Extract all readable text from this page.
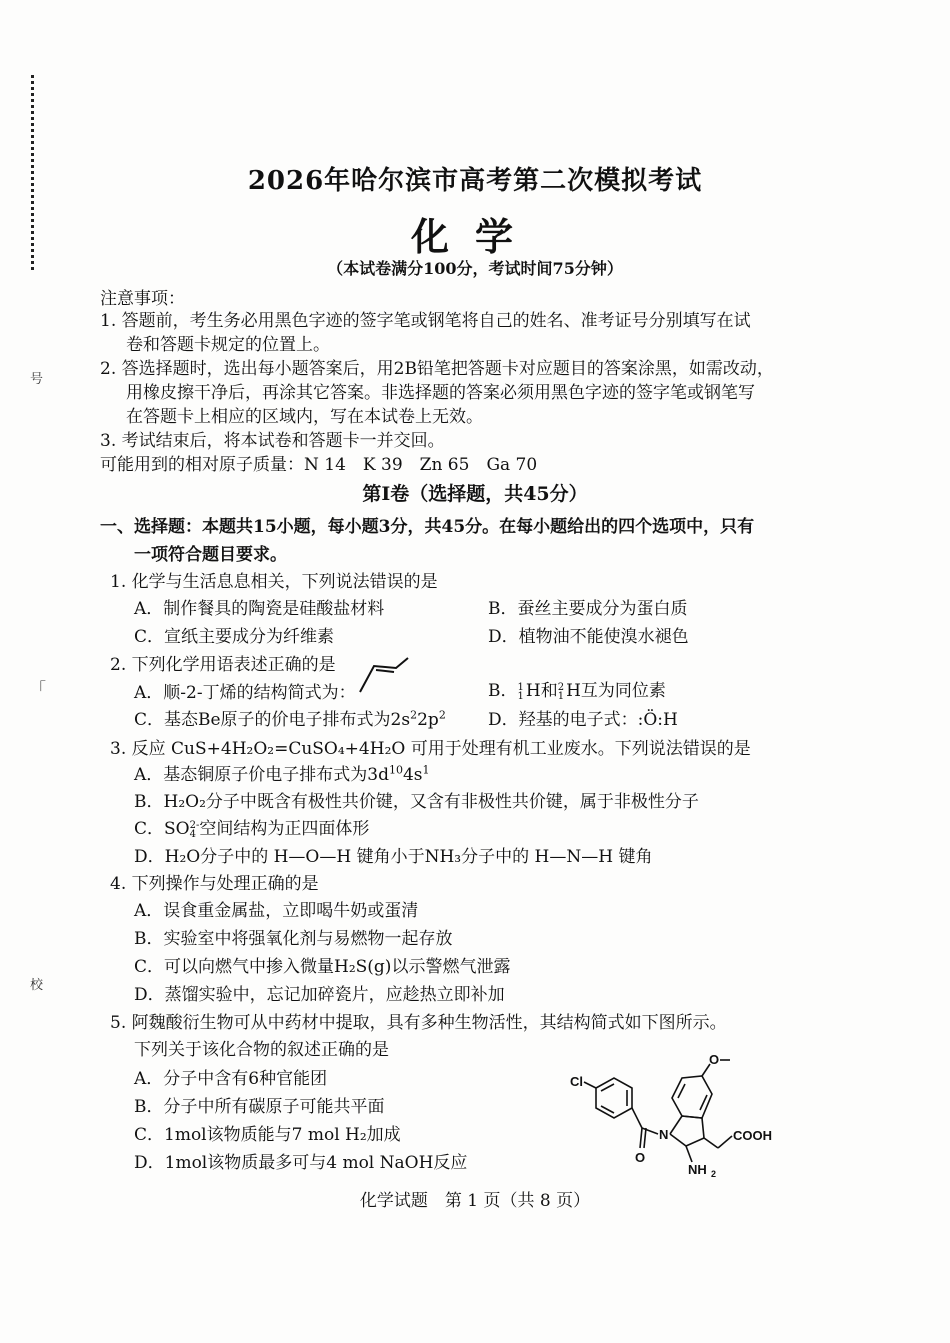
号
「
校
2026年哈尔滨市高考第二次模拟考试
化学
（本试卷满分100分，考试时间75分钟）
注意事项：
1. 答题前，考生务必用黑色字迹的签字笔或钢笔将自己的姓名、准考证号分别填写在试
卷和答题卡规定的位置上。
2. 答选择题时，选出每小题答案后，用2B铅笔把答题卡对应题目的答案涂黑，如需改动，
用橡皮擦干净后，再涂其它答案。非选择题的答案必须用黑色字迹的签字笔或钢笔写
在答题卡上相应的区域内，写在本试卷上无效。
3. 考试结束后，将本试卷和答题卡一并交回。
可能用到的相对原子质量：N 14　K 39　Zn 65　Ga 70
第Ⅰ卷（选择题，共45分）
一、选择题：本题共15小题，每小题3分，共45分。在每小题给出的四个选项中，只有
一项符合题目要求。
1. 化学与生活息息相关，下列说法错误的是
A．制作餐具的陶瓷是硅酸盐材料	B．蚕丝主要成分为蛋白质
C．宣纸主要成分为纤维素	D．植物油不能使溴水褪色
2. 下列化学用语表述正确的是
A．顺-2-丁烯的结构简式为：	B．1
1 H和2
1 H互为同位素
C．基态Be原子的价电子排布式为$2s^22p^2$ D．羟基的电子式：:Ö:H
3. 反应 CuS+4H₂O₂=CuSO₄+4H₂O 可用于处理有机工业废水。下列说法错误的是
A．基态铜原子价电子排布式为$3d^{10}4s^1$
B．H₂O₂分子中既含有极性共价键，又含有非极性共价键，属于非极性分子
C．SO2-
4 空间结构为正四面体形
D．H₂O分子中的 H—O—H 键角小于NH₃分子中的 H—N—H 键角
4. 下列操作与处理正确的是
A．误食重金属盐，立即喝牛奶或蛋清
B．实验室中将强氧化剂与易燃物一起存放
C．可以向燃气中掺入微量H₂S(g)以示警燃气泄露
D．蒸馏实验中，忘记加碎瓷片，应趁热立即补加
5. 阿魏酸衍生物可从中药材中提取，具有多种生物活性，其结构简式如下图所示。
下列关于该化合物的叙述正确的是
A．分子中含有6种官能团
B．分子中所有碳原子可能共平面
C．1mol该物质能与7 mol H₂加成
D．1mol该物质最多可与4 mol NaOH反应
Cl
N
O
O
COOH
NH 2
化学试题　第 1 页（共 8 页）
